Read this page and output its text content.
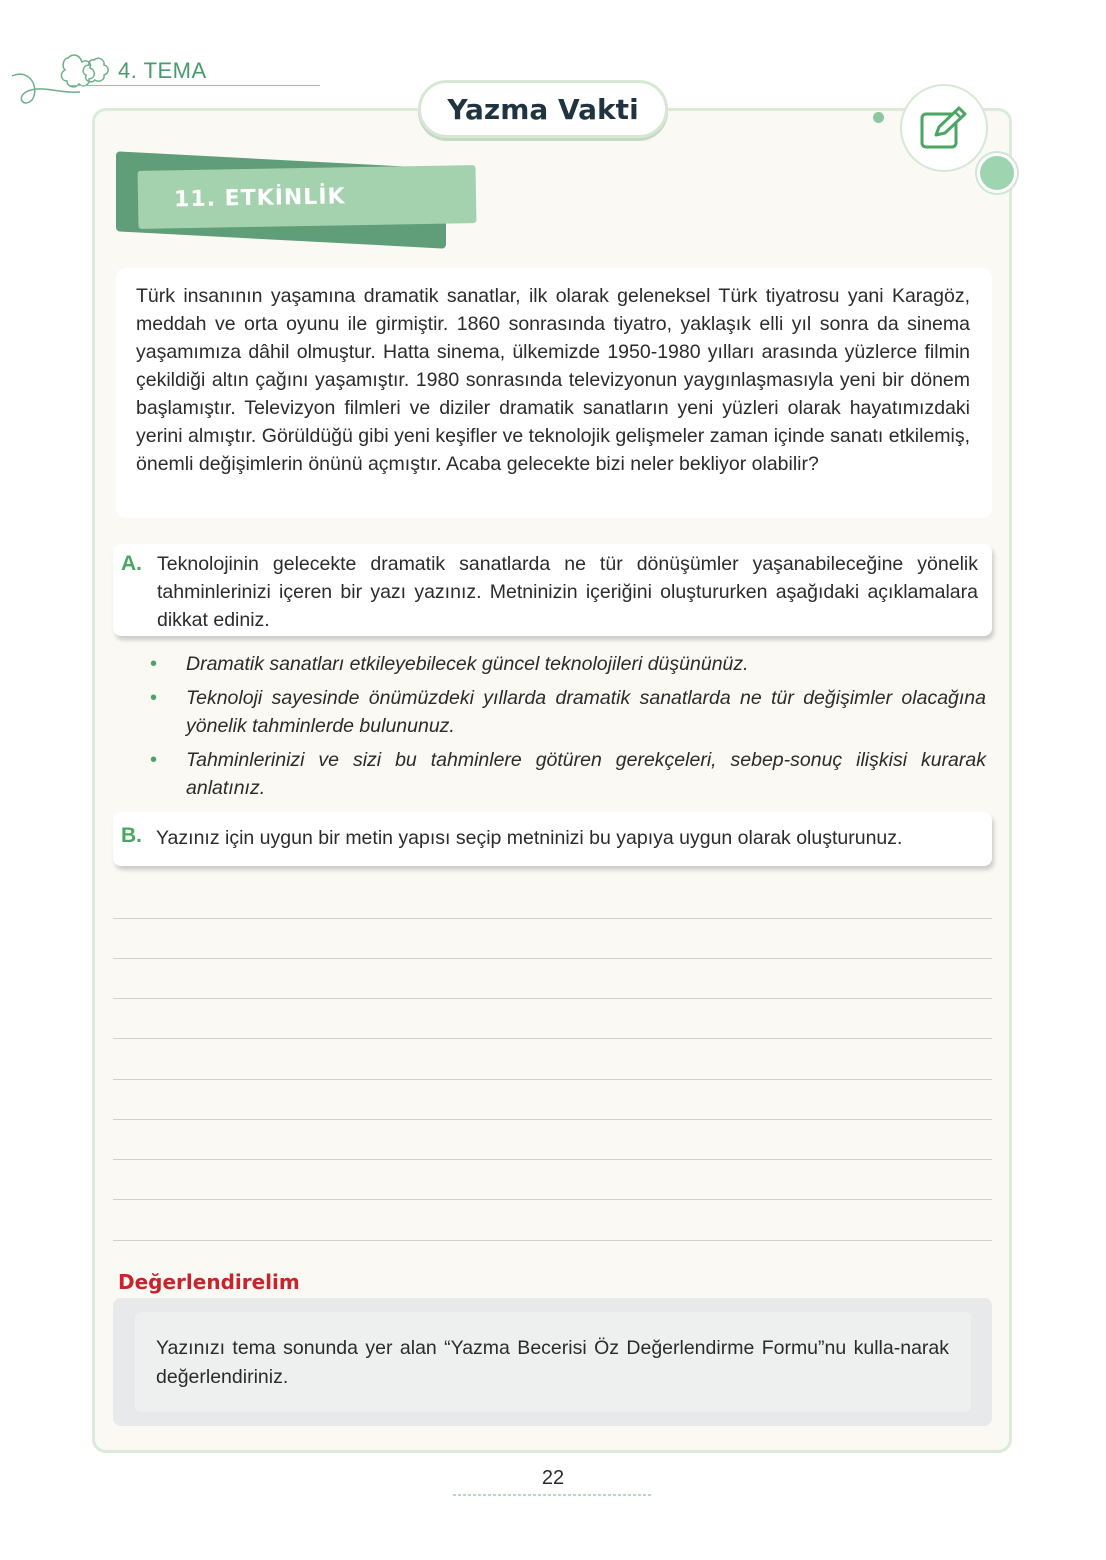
4. TEMA
Yazma Vakti
11. ETKİNLİK

Türk insanının yaşamına dramatik sanatlar, ilk olarak geleneksel Türk tiyatrosu yani Karagöz, meddah ve orta oyunu ile girmiştir. 1860 sonrasında tiyatro, yaklaşık elli yıl sonra da sinema yaşamımıza dâhil olmuştur. Hatta sinema, ülkemizde 1950-1980 yılları arasında yüzlerce filmin çekildiği altın çağını yaşamıştır. 1980 sonrasında televizyonun yaygınlaşmasıyla yeni bir dönem başlamıştır. Televizyon filmleri ve diziler dramatik sanatların yeni yüzleri olarak hayatımızdaki yerini almıştır. Görüldüğü gibi yeni keşifler ve teknolojik gelişmeler zaman içinde sanatı etkilemiş, önemli değişimlerin önünü açmıştır. Acaba gelecekte bizi neler bekliyor olabilir?

A. Teknolojinin gelecekte dramatik sanatlarda ne tür dönüşümler yaşanabileceğine yönelik tahminlerinizi içeren bir yazı yazınız. Metninizin içeriğini oluştururken aşağıdaki açıklamalara dikkat ediniz.
• Dramatik sanatları etkileyebilecek güncel teknolojileri düşününüz.
• Teknoloji sayesinde önümüzdeki yıllarda dramatik sanatlarda ne tür değişimler olacağına yönelik tahminlerde bulununuz.
• Tahminlerinizi ve sizi bu tahminlere götüren gerekçeleri, sebep-sonuç ilişkisi kurarak anlatınız.
B. Yazınız için uygun bir metin yapısı seçip metninizi bu yapıya uygun olarak oluşturunuz.
Değerlendirelim

Yazınızı tema sonunda yer alan “Yazma Becerisi Öz Değerlendirme Formu”nu kulla-narak değerlendiriniz.

22
